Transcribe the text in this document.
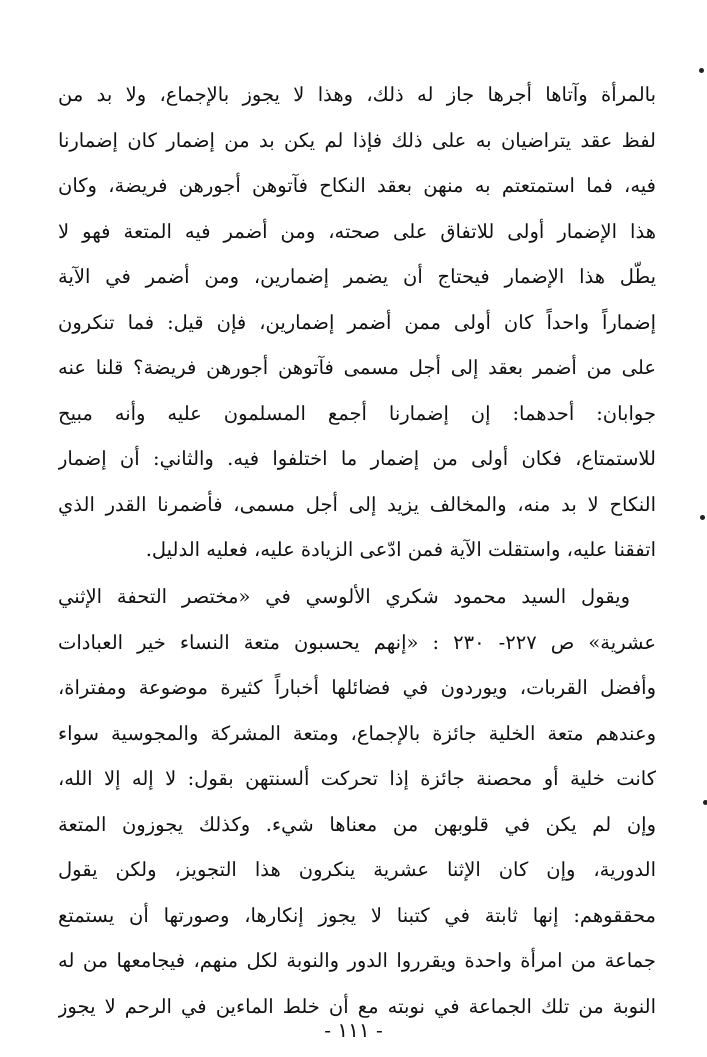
بالمرأة وآتاها أجرها جاز له ذلك، وهذا لا يجوز بالإجماع، ولا بد من
لفظ عقد يتراضيان به على ذلك فإذا لم يكن بد من إضمار كان إضمارنا
فيه، فما استمتعتم به منهن بعقد النكاح فآتوهن أجورهن فريضة، وكان
هذا الإضمار أولى للاتفاق على صحته، ومن أضمر فيه المتعة فهو لا
يطّل هذا الإضمار فيحتاج أن يضمر إضمارين، ومن أضمر في الآية
إضماراً واحداً كان أولى ممن أضمر إضمارين، فإن قيل: فما تنكرون
على من أضمر بعقد إلى أجل مسمى فآتوهن أجورهن فريضة؟ قلنا عنه
جوابان: أحدهما: إن إضمارنا أجمع المسلمون عليه وأنه مبيح
للاستمتاع، فكان أولى من إضمار ما اختلفوا فيه. والثاني: أن إضمار
النكاح لا بد منه، والمخالف يزيد إلى أجل مسمى، فأضمرنا القدر الذي
اتفقنا عليه، واستقلت الآية فمن ادّعى الزيادة عليه، فعليه الدليل.
ويقول السيد محمود شكري الألوسي في «مختصر التحفة الإثني
عشرية» ص ٢٢٧- ٢٣٠ : «إنهم يحسبون متعة النساء خير العبادات
وأفضل القربات، ويوردون في فضائلها أخباراً كثيرة موضوعة ومفتراة،
وعندهم متعة الخلية جائزة بالإجماع، ومتعة المشركة والمجوسية سواء
كانت خلية أو محصنة جائزة إذا تحركت ألسنتهن بقول: لا إله إلا الله،
وإن لم يكن في قلوبهن من معناها شيء. وكذلك يجوزون المتعة
الدورية، وإن كان الإثنا عشرية ينكرون هذا التجويز، ولكن يقول
محققوهم: إنها ثابتة في كتبنا لا يجوز إنكارها، وصورتها أن يستمتع
جماعة من امرأة واحدة ويقرروا الدور والنوبة لكل منهم، فيجامعها من له
النوبة من تلك الجماعة في نوبته مع أن خلط الماءين في الرحم لا يجوز
- ١١١ -
